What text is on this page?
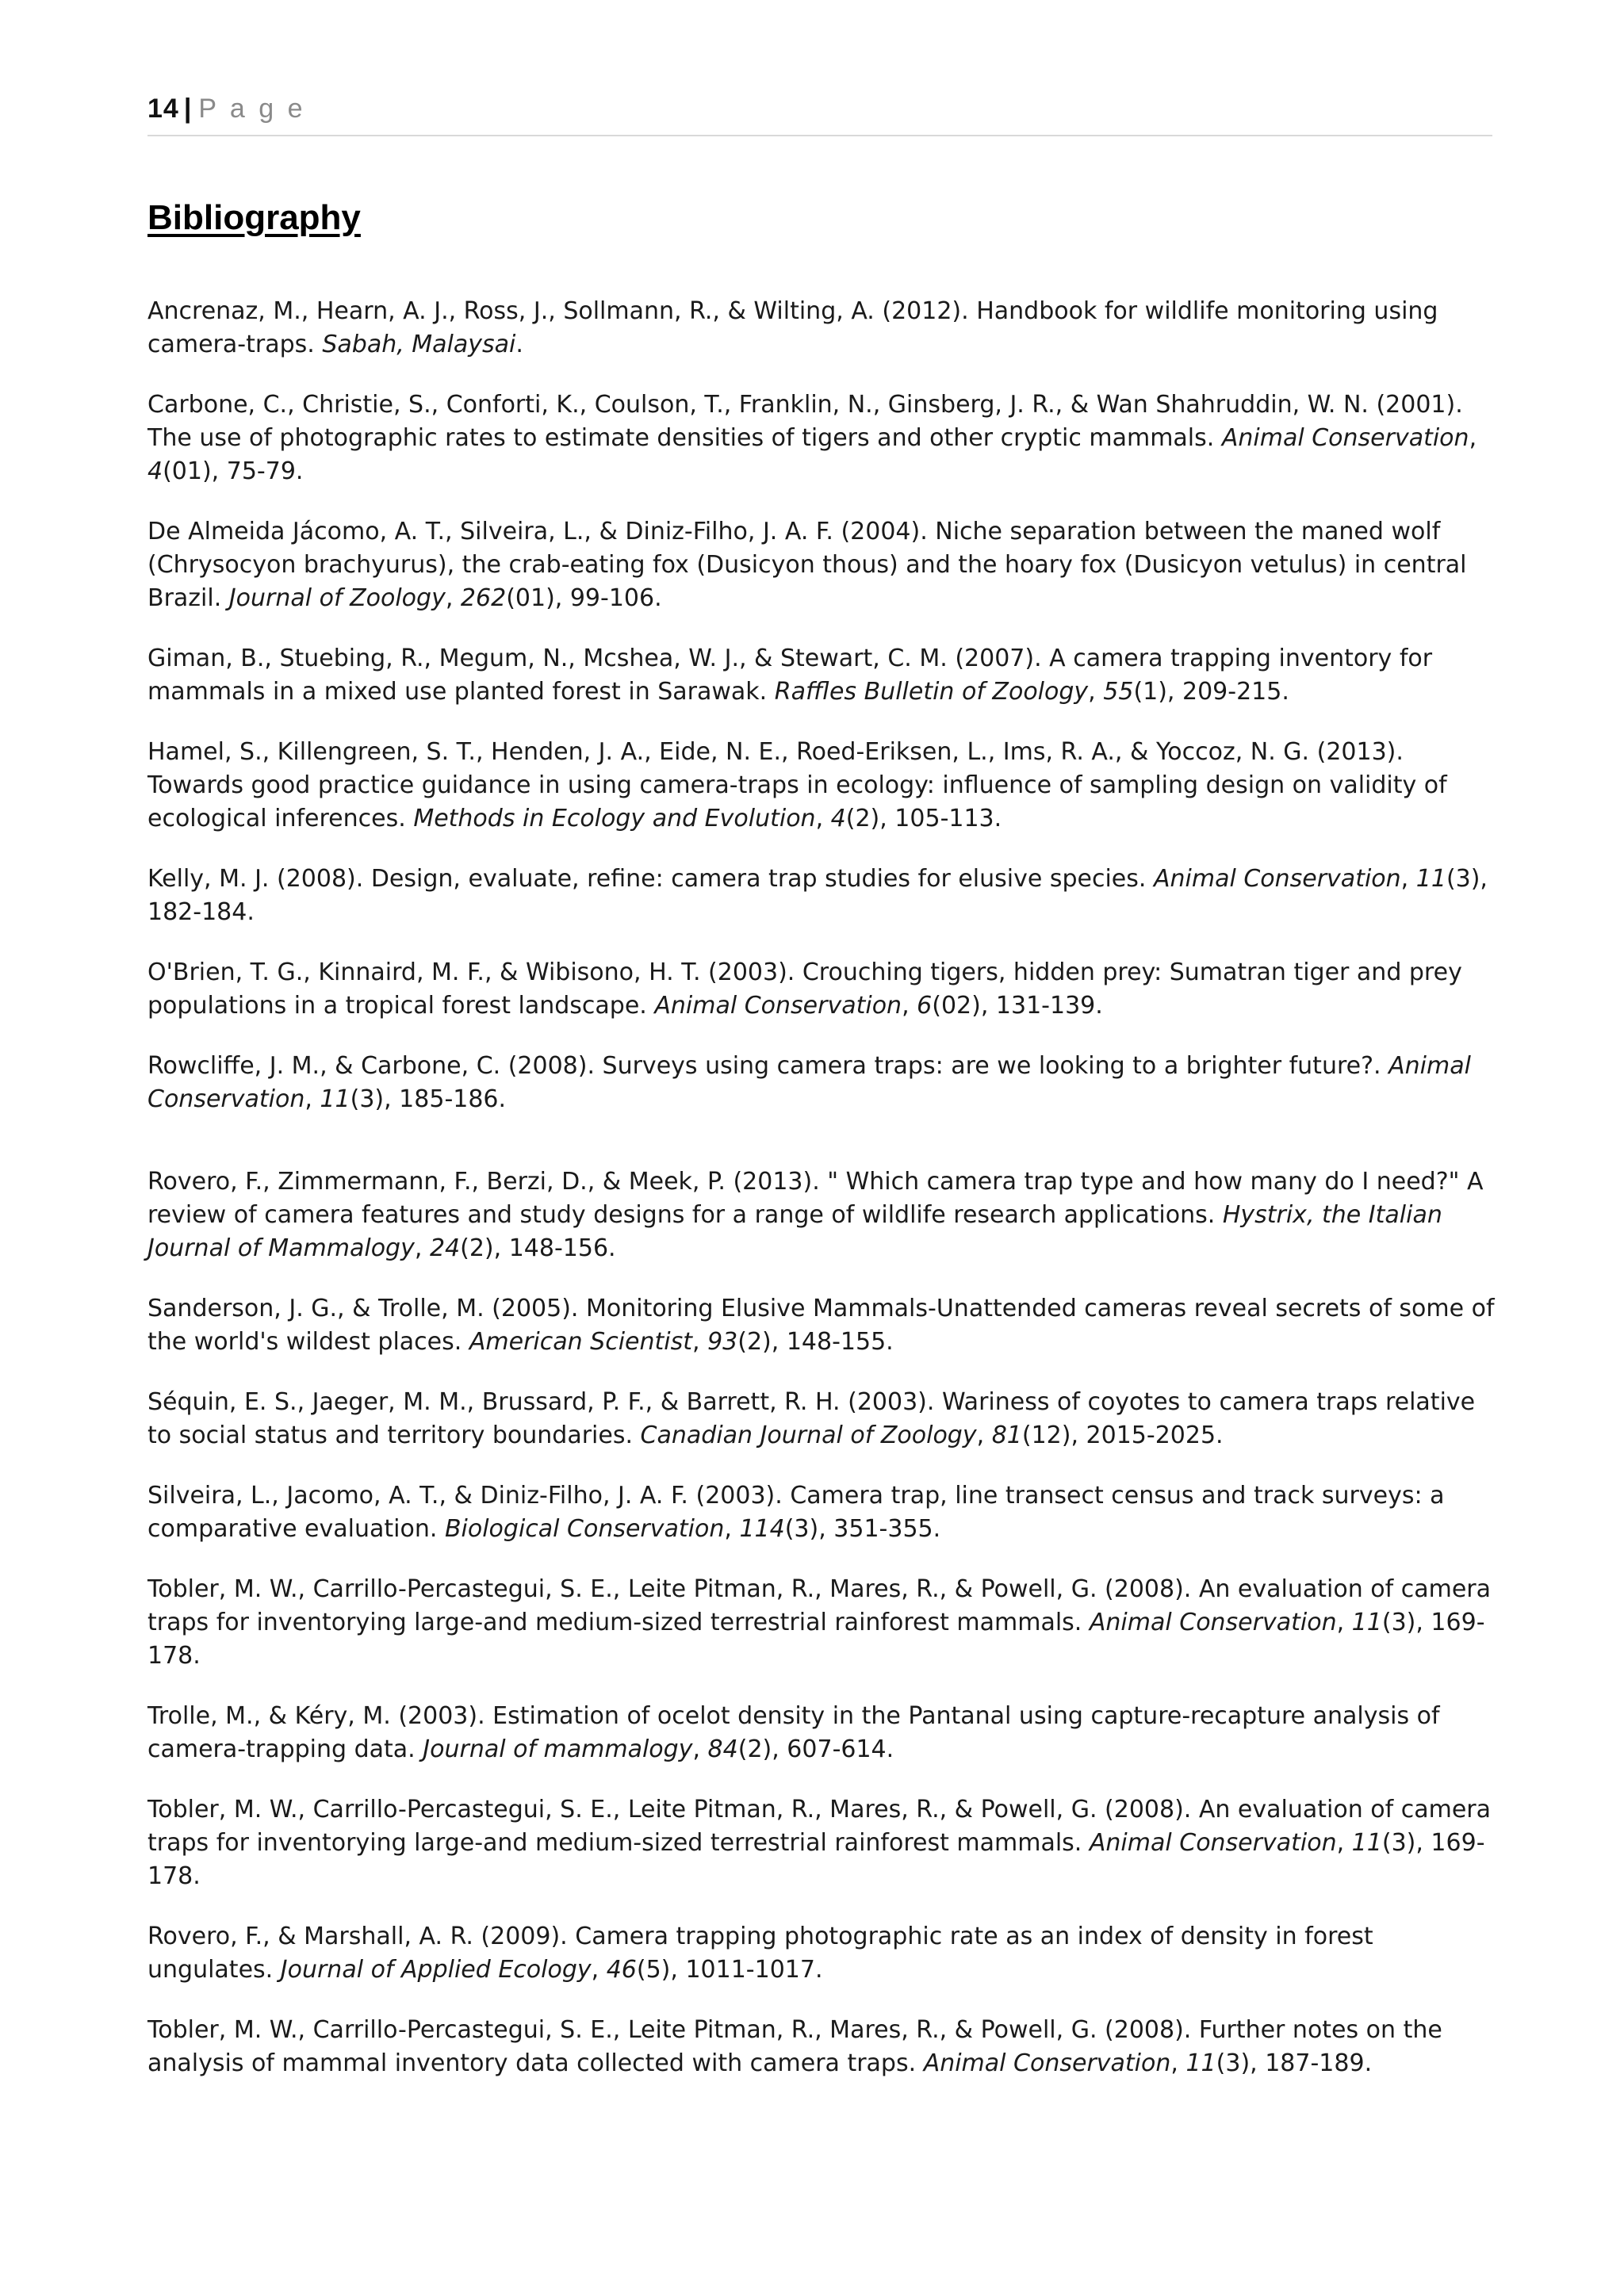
14 | P a g e
Bibliography

Ancrenaz, M., Hearn, A. J., Ross, J., Sollmann, R., & Wilting, A. (2012). Handbook for wildlife monitoring using camera-traps. Sabah, Malaysai.

Carbone, C., Christie, S., Conforti, K., Coulson, T., Franklin, N., Ginsberg, J. R., & Wan Shahruddin, W. N. (2001). The use of photographic rates to estimate densities of tigers and other cryptic mammals. Animal Conservation, 4(01), 75-79.

De Almeida Jácomo, A. T., Silveira, L., & Diniz-Filho, J. A. F. (2004). Niche separation between the maned wolf (Chrysocyon brachyurus), the crab-eating fox (Dusicyon thous) and the hoary fox (Dusicyon vetulus) in central Brazil. Journal of Zoology, 262(01), 99-106.

Giman, B., Stuebing, R., Megum, N., Mcshea, W. J., & Stewart, C. M. (2007). A camera trapping inventory for mammals in a mixed use planted forest in Sarawak. Raffles Bulletin of Zoology, 55(1), 209-215.

Hamel, S., Killengreen, S. T., Henden, J. A., Eide, N. E., Roed-Eriksen, L., Ims, R. A., & Yoccoz, N. G. (2013). Towards good practice guidance in using camera-traps in ecology: influence of sampling design on validity of ecological inferences. Methods in Ecology and Evolution, 4(2), 105-113.

Kelly, M. J. (2008). Design, evaluate, refine: camera trap studies for elusive species. Animal Conservation, 11(3), 182-184.

O'Brien, T. G., Kinnaird, M. F., & Wibisono, H. T. (2003). Crouching tigers, hidden prey: Sumatran tiger and prey populations in a tropical forest landscape. Animal Conservation, 6(02), 131-139.

Rowcliffe, J. M., & Carbone, C. (2008). Surveys using camera traps: are we looking to a brighter future?. Animal Conservation, 11(3), 185-186.

Rovero, F., Zimmermann, F., Berzi, D., & Meek, P. (2013). " Which camera trap type and how many do I need?" A review of camera features and study designs for a range of wildlife research applications. Hystrix, the Italian Journal of Mammalogy, 24(2), 148-156.

Sanderson, J. G., & Trolle, M. (2005). Monitoring Elusive Mammals-Unattended cameras reveal secrets of some of the world's wildest places. American Scientist, 93(2), 148-155.

Séquin, E. S., Jaeger, M. M., Brussard, P. F., & Barrett, R. H. (2003). Wariness of coyotes to camera traps relative to social status and territory boundaries. Canadian Journal of Zoology, 81(12), 2015-2025.

Silveira, L., Jacomo, A. T., & Diniz-Filho, J. A. F. (2003). Camera trap, line transect census and track surveys: a comparative evaluation. Biological Conservation, 114(3), 351-355.

Tobler, M. W., Carrillo-Percastegui, S. E., Leite Pitman, R., Mares, R., & Powell, G. (2008). An evaluation of camera traps for inventorying large-and medium-sized terrestrial rainforest mammals. Animal Conservation, 11(3), 169-178.

Trolle, M., & Kéry, M. (2003). Estimation of ocelot density in the Pantanal using capture-recapture analysis of camera-trapping data. Journal of mammalogy, 84(2), 607-614.

Tobler, M. W., Carrillo-Percastegui, S. E., Leite Pitman, R., Mares, R., & Powell, G. (2008). An evaluation of camera traps for inventorying large-and medium-sized terrestrial rainforest mammals. Animal Conservation, 11(3), 169-178.

Rovero, F., & Marshall, A. R. (2009). Camera trapping photographic rate as an index of density in forest ungulates. Journal of Applied Ecology, 46(5), 1011-1017.

Tobler, M. W., Carrillo-Percastegui, S. E., Leite Pitman, R., Mares, R., & Powell, G. (2008). Further notes on the analysis of mammal inventory data collected with camera traps. Animal Conservation, 11(3), 187-189.
